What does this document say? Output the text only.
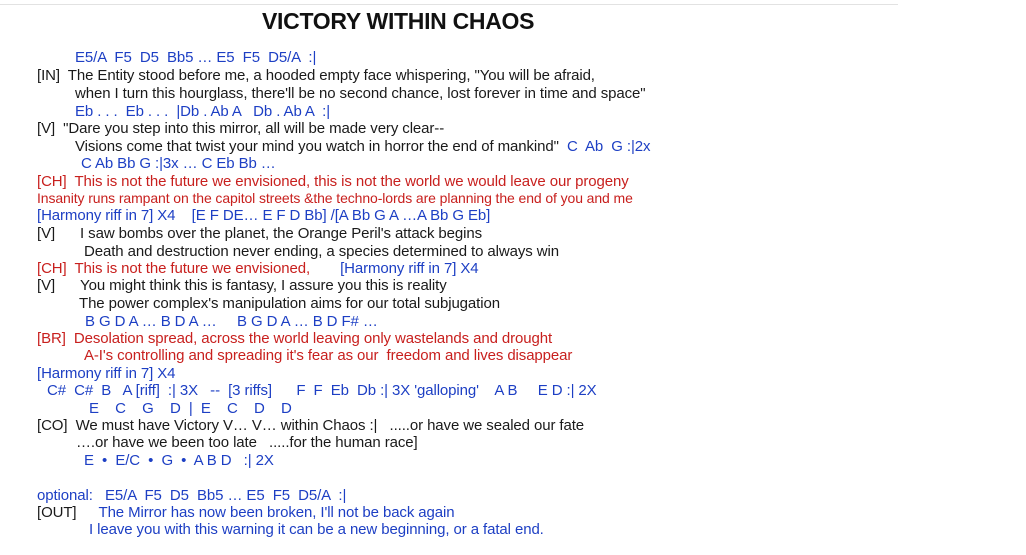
VICTORY WITHIN CHAOS
E5/A  F5  D5  Bb5 … E5  F5  D5/A  :|
[IN]  The Entity stood before me, a hooded empty face whispering, "You will be afraid,
when I turn this hourglass, there'll be no second chance, lost forever in time and space"
Eb . . .  Eb . . .  |Db . Ab A   Db . Ab A  :|
[V]  "Dare you step into this mirror, all will be made very clear--
Visions come that twist your mind you watch in horror the end of mankind"  C  Ab  G :|2x
C Ab Bb G :|3x … C Eb Bb …
[CH]  This is not the future we envisioned, this is not the world we would leave our progeny
Insanity runs rampant on the capitol streets &the techno-lords are planning the end of you and me
[Harmony riff in 7] X4    [E F DE… E F D Bb] /[A Bb G A …A Bb G Eb]
[V] I saw bombs over the planet, the Orange Peril's attack begins
Death and destruction never ending, a species determined to always win
[CH]  This is not the future we envisioned, [Harmony riff in 7] X4
[V] You might think this is fantasy, I assure you this is reality
The power complex's manipulation aims for our total subjugation
B G D A … B D A …     B G D A … B D F# …
[BR]  Desolation spread, across the world leaving only wastelands and drought
A-I's controlling and spreading it's fear as our  freedom and lives disappear
[Harmony riff in 7] X4
C#  C#  B   A [riff]  :| 3X   --  [3 riffs]      F  F  Eb  Db :| 3X 'galloping'    A B     E D :| 2X
E    C    G    D  |  E    C    D    D
[CO]  We must have Victory V… V… within Chaos :|   .....or have we sealed our fate
….or have we been too late   .....for the human race]
E  •  E/C  •  G  •  A B D   :| 2X
optional:   E5/A  F5  D5  Bb5 … E5  F5  D5/A  :|
[OUT] The Mirror has now been broken, I'll not be back again
I leave you with this warning it can be a new beginning, or a fatal end.
